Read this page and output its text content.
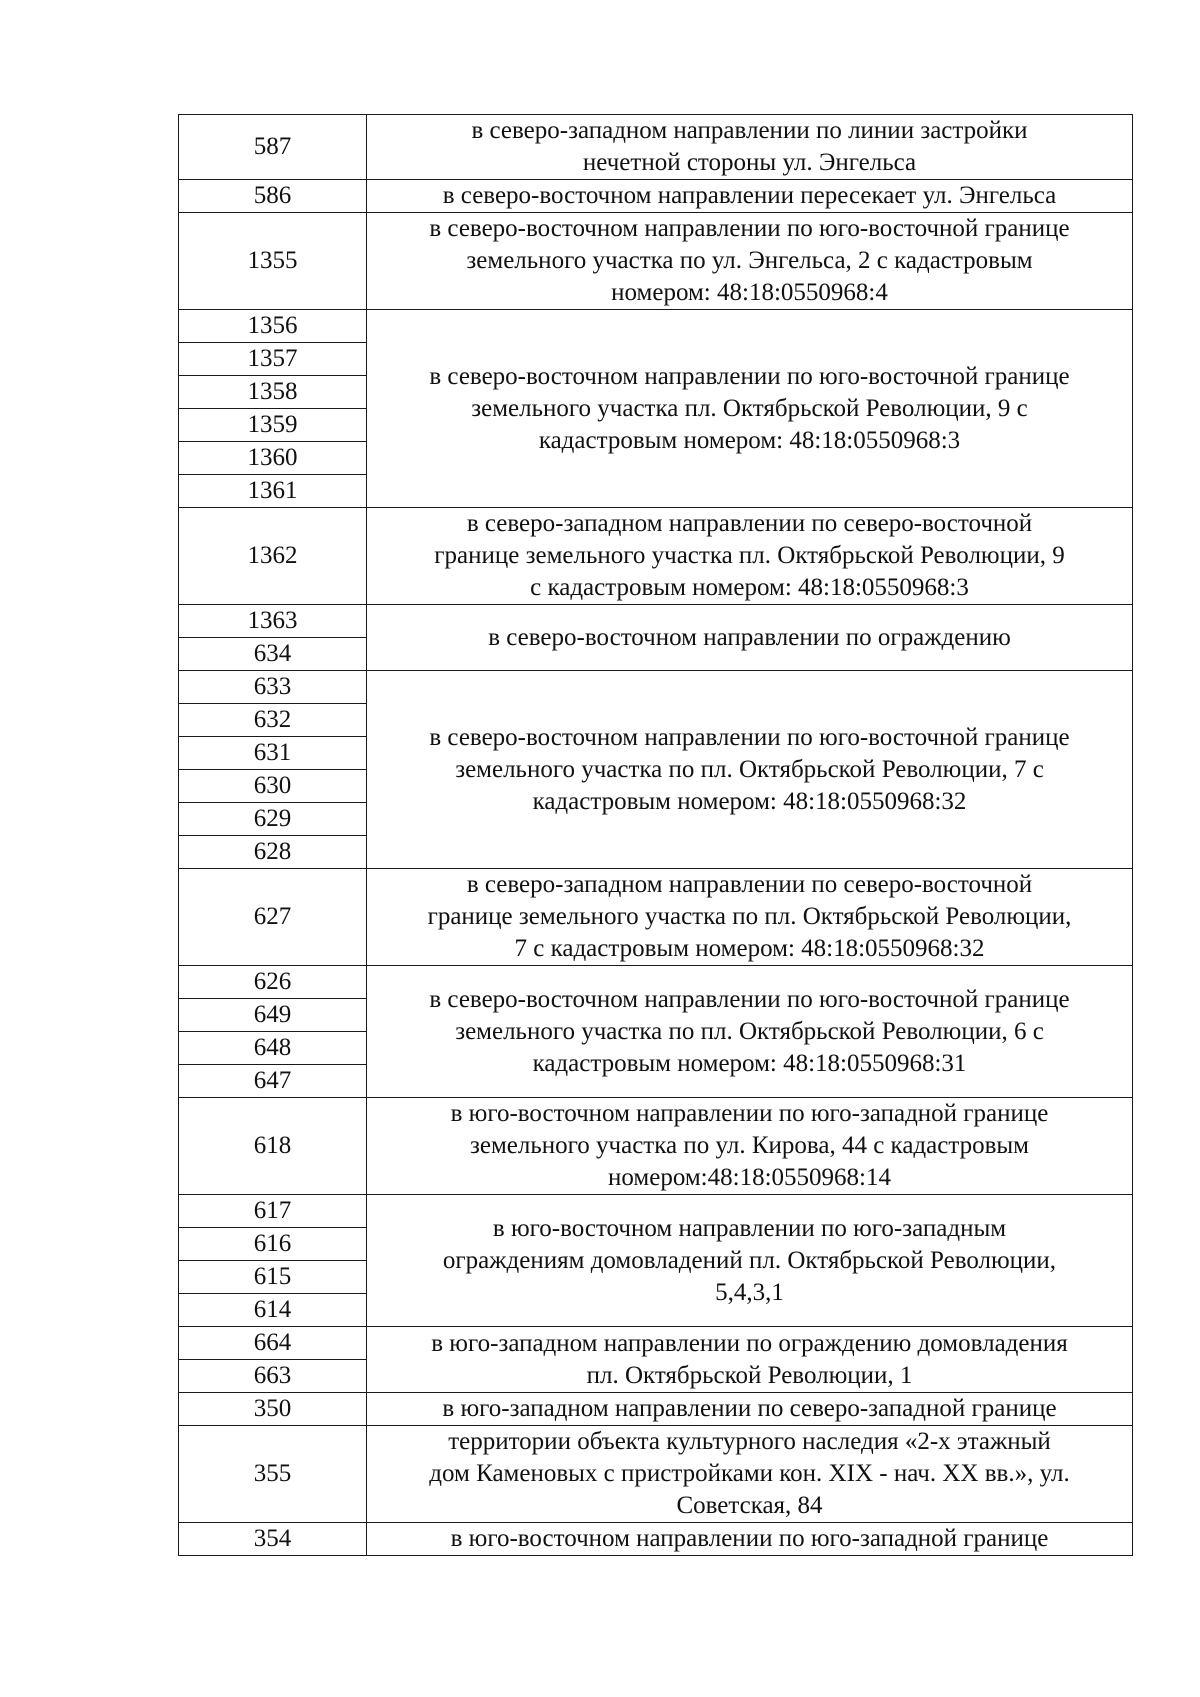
587	в северо-западном направлении по линии застройки
нечетной стороны ул. Энгельса

586	в северо-восточном направлении пересекает ул. Энгельса

1355	в северо-восточном направлении по юго-восточной границе
земельного участка по ул. Энгельса, 2 с кадастровым
номером: 48:18:0550968:4

1356	в северо-восточном направлении по юго-восточной границе
земельного участка пл. Октябрьской Революции, 9 с
кадастровым номером: 48:18:0550968:3

1357	
1358	
1359	
1360	
1361	
1362	в северо-западном направлении по северо-восточной
границе земельного участка пл. Октябрьской Революции, 9
с кадастровым номером: 48:18:0550968:3

1363	в северо-восточном направлении по ограждению

634	
633	в северо-восточном направлении по юго-восточной границе
земельного участка по пл. Октябрьской Революции, 7 с
кадастровым номером: 48:18:0550968:32

632	
631	
630	
629	
628	
627	в северо-западном направлении по северо-восточной
границе земельного участка по пл. Октябрьской Революции,
7 с кадастровым номером: 48:18:0550968:32

626	в северо-восточном направлении по юго-восточной границе
земельного участка по пл. Октябрьской Революции, 6 с
кадастровым номером: 48:18:0550968:31

649	
648	
647	
618	в юго-восточном направлении по юго-западной границе
земельного участка по ул. Кирова, 44 с кадастровым
номером:48:18:0550968:14

617	в юго-восточном направлении по юго-западным
ограждениям домовладений пл. Октябрьской Революции,
5,4,3,1

616	
615	
614	
664	в юго-западном направлении по ограждению домовладения
пл. Октябрьской Революции, 1

663	
350	в юго-западном направлении по северо-западной границе

355	территории объекта культурного наследия «2-х этажный
дом Каменовых с пристройками кон. XIX - нач. XX вв.», ул.
Советская, 84

354	в юго-восточном направлении по юго-западной границе
